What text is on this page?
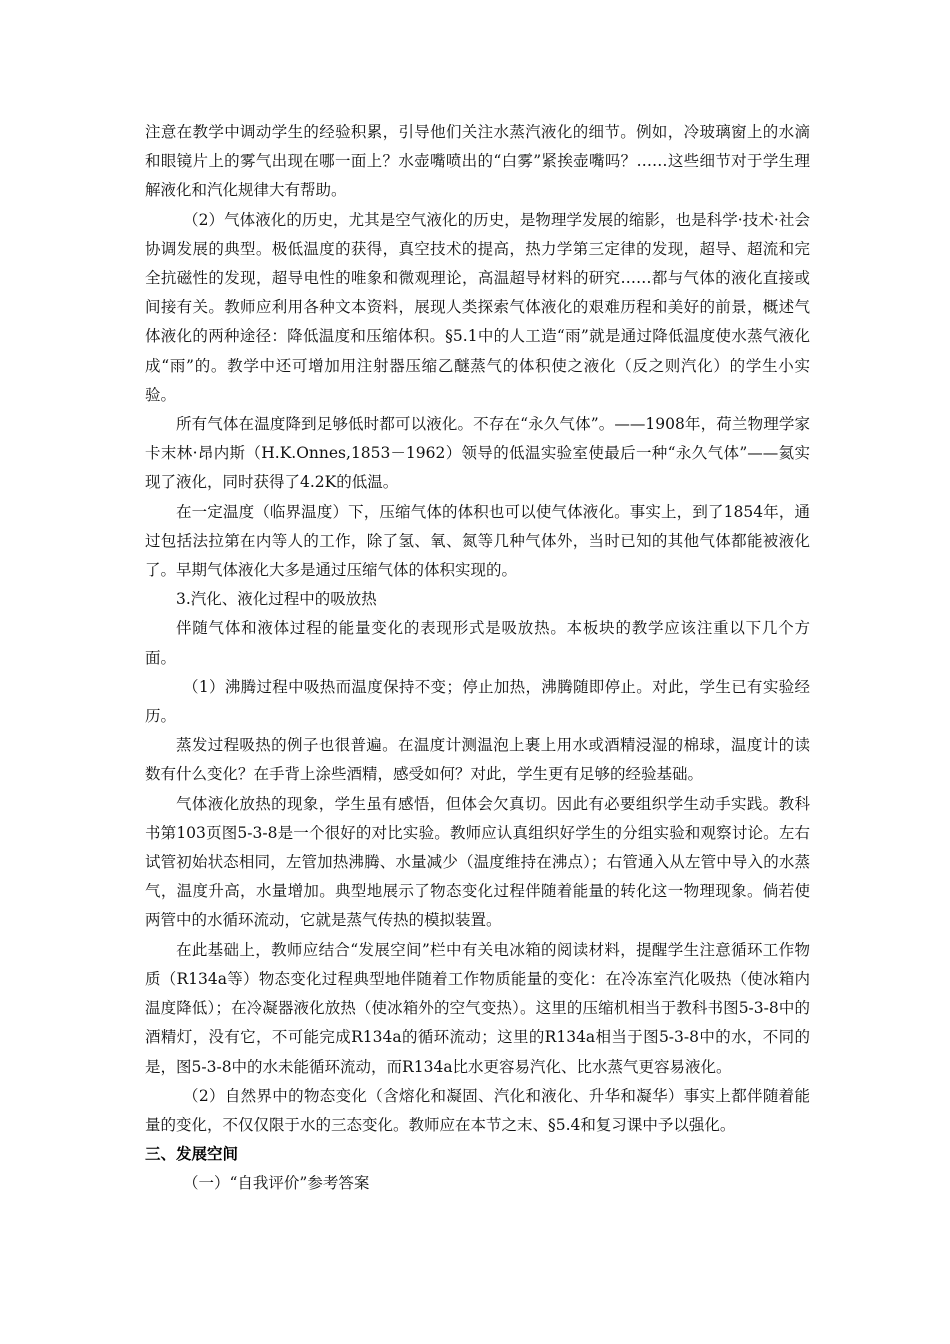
注意在教学中调动学生的经验积累，引导他们关注水蒸汽液化的细节。例如，冷玻璃窗上的水滴和眼镜片上的雾气出现在哪一面上？水壶嘴喷出的“白雾”紧挨壶嘴吗？……这些细节对于学生理解液化和汽化规律大有帮助。

（2）气体液化的历史，尤其是空气液化的历史，是物理学发展的缩影，也是科学·技术·社会协调发展的典型。极低温度的获得，真空技术的提高，热力学第三定律的发现，超导、超流和完全抗磁性的发现，超导电性的唯象和微观理论，高温超导材料的研究……都与气体的液化直接或间接有关。教师应利用各种文本资料，展现人类探索气体液化的艰难历程和美好的前景，概述气体液化的两种途径：降低温度和压缩体积。§5.1中的人工造“雨”就是通过降低温度使水蒸气液化成“雨”的。教学中还可增加用注射器压缩乙醚蒸气的体积使之液化（反之则汽化）的学生小实验。

所有气体在温度降到足够低时都可以液化。不存在“永久气体”。——1908年，荷兰物理学家卡末林·昂内斯（H.K.Onnes,1853－1962）领导的低温实验室使最后一种“永久气体”——氦实现了液化，同时获得了4.2K的低温。

在一定温度（临界温度）下，压缩气体的体积也可以使气体液化。事实上，到了1854年，通过包括法拉第在内等人的工作，除了氢、氧、氮等几种气体外，当时已知的其他气体都能被液化了。早期气体液化大多是通过压缩气体的体积实现的。

3.汽化、液化过程中的吸放热

伴随气体和液体过程的能量变化的表现形式是吸放热。本板块的教学应该注重以下几个方面。

（1）沸腾过程中吸热而温度保持不变；停止加热，沸腾随即停止。对此，学生已有实验经历。

蒸发过程吸热的例子也很普遍。在温度计测温泡上裹上用水或酒精浸湿的棉球，温度计的读数有什么变化？在手背上涂些酒精，感受如何？对此，学生更有足够的经验基础。

气体液化放热的现象，学生虽有感悟，但体会欠真切。因此有必要组织学生动手实践。教科书第103页图5-3-8是一个很好的对比实验。教师应认真组织好学生的分组实验和观察讨论。左右试管初始状态相同，左管加热沸腾、水量减少（温度维持在沸点）；右管通入从左管中导入的水蒸气，温度升高，水量增加。典型地展示了物态变化过程伴随着能量的转化这一物理现象。倘若使两管中的水循环流动，它就是蒸气传热的模拟装置。

在此基础上，教师应结合“发展空间”栏中有关电冰箱的阅读材料，提醒学生注意循环工作物质（R134a等）物态变化过程典型地伴随着工作物质能量的变化：在冷冻室汽化吸热（使冰箱内温度降低）；在冷凝器液化放热（使冰箱外的空气变热）。这里的压缩机相当于教科书图5-3-8中的酒精灯，没有它，不可能完成R134a的循环流动；这里的R134a相当于图5-3-8中的水，不同的是，图5-3-8中的水未能循环流动，而R134a比水更容易汽化、比水蒸气更容易液化。

（2）自然界中的物态变化（含熔化和凝固、汽化和液化、升华和凝华）事实上都伴随着能量的变化，不仅仅限于水的三态变化。教师应在本节之末、§5.4和复习课中予以强化。

三、发展空间

（一）“自我评价”参考答案
